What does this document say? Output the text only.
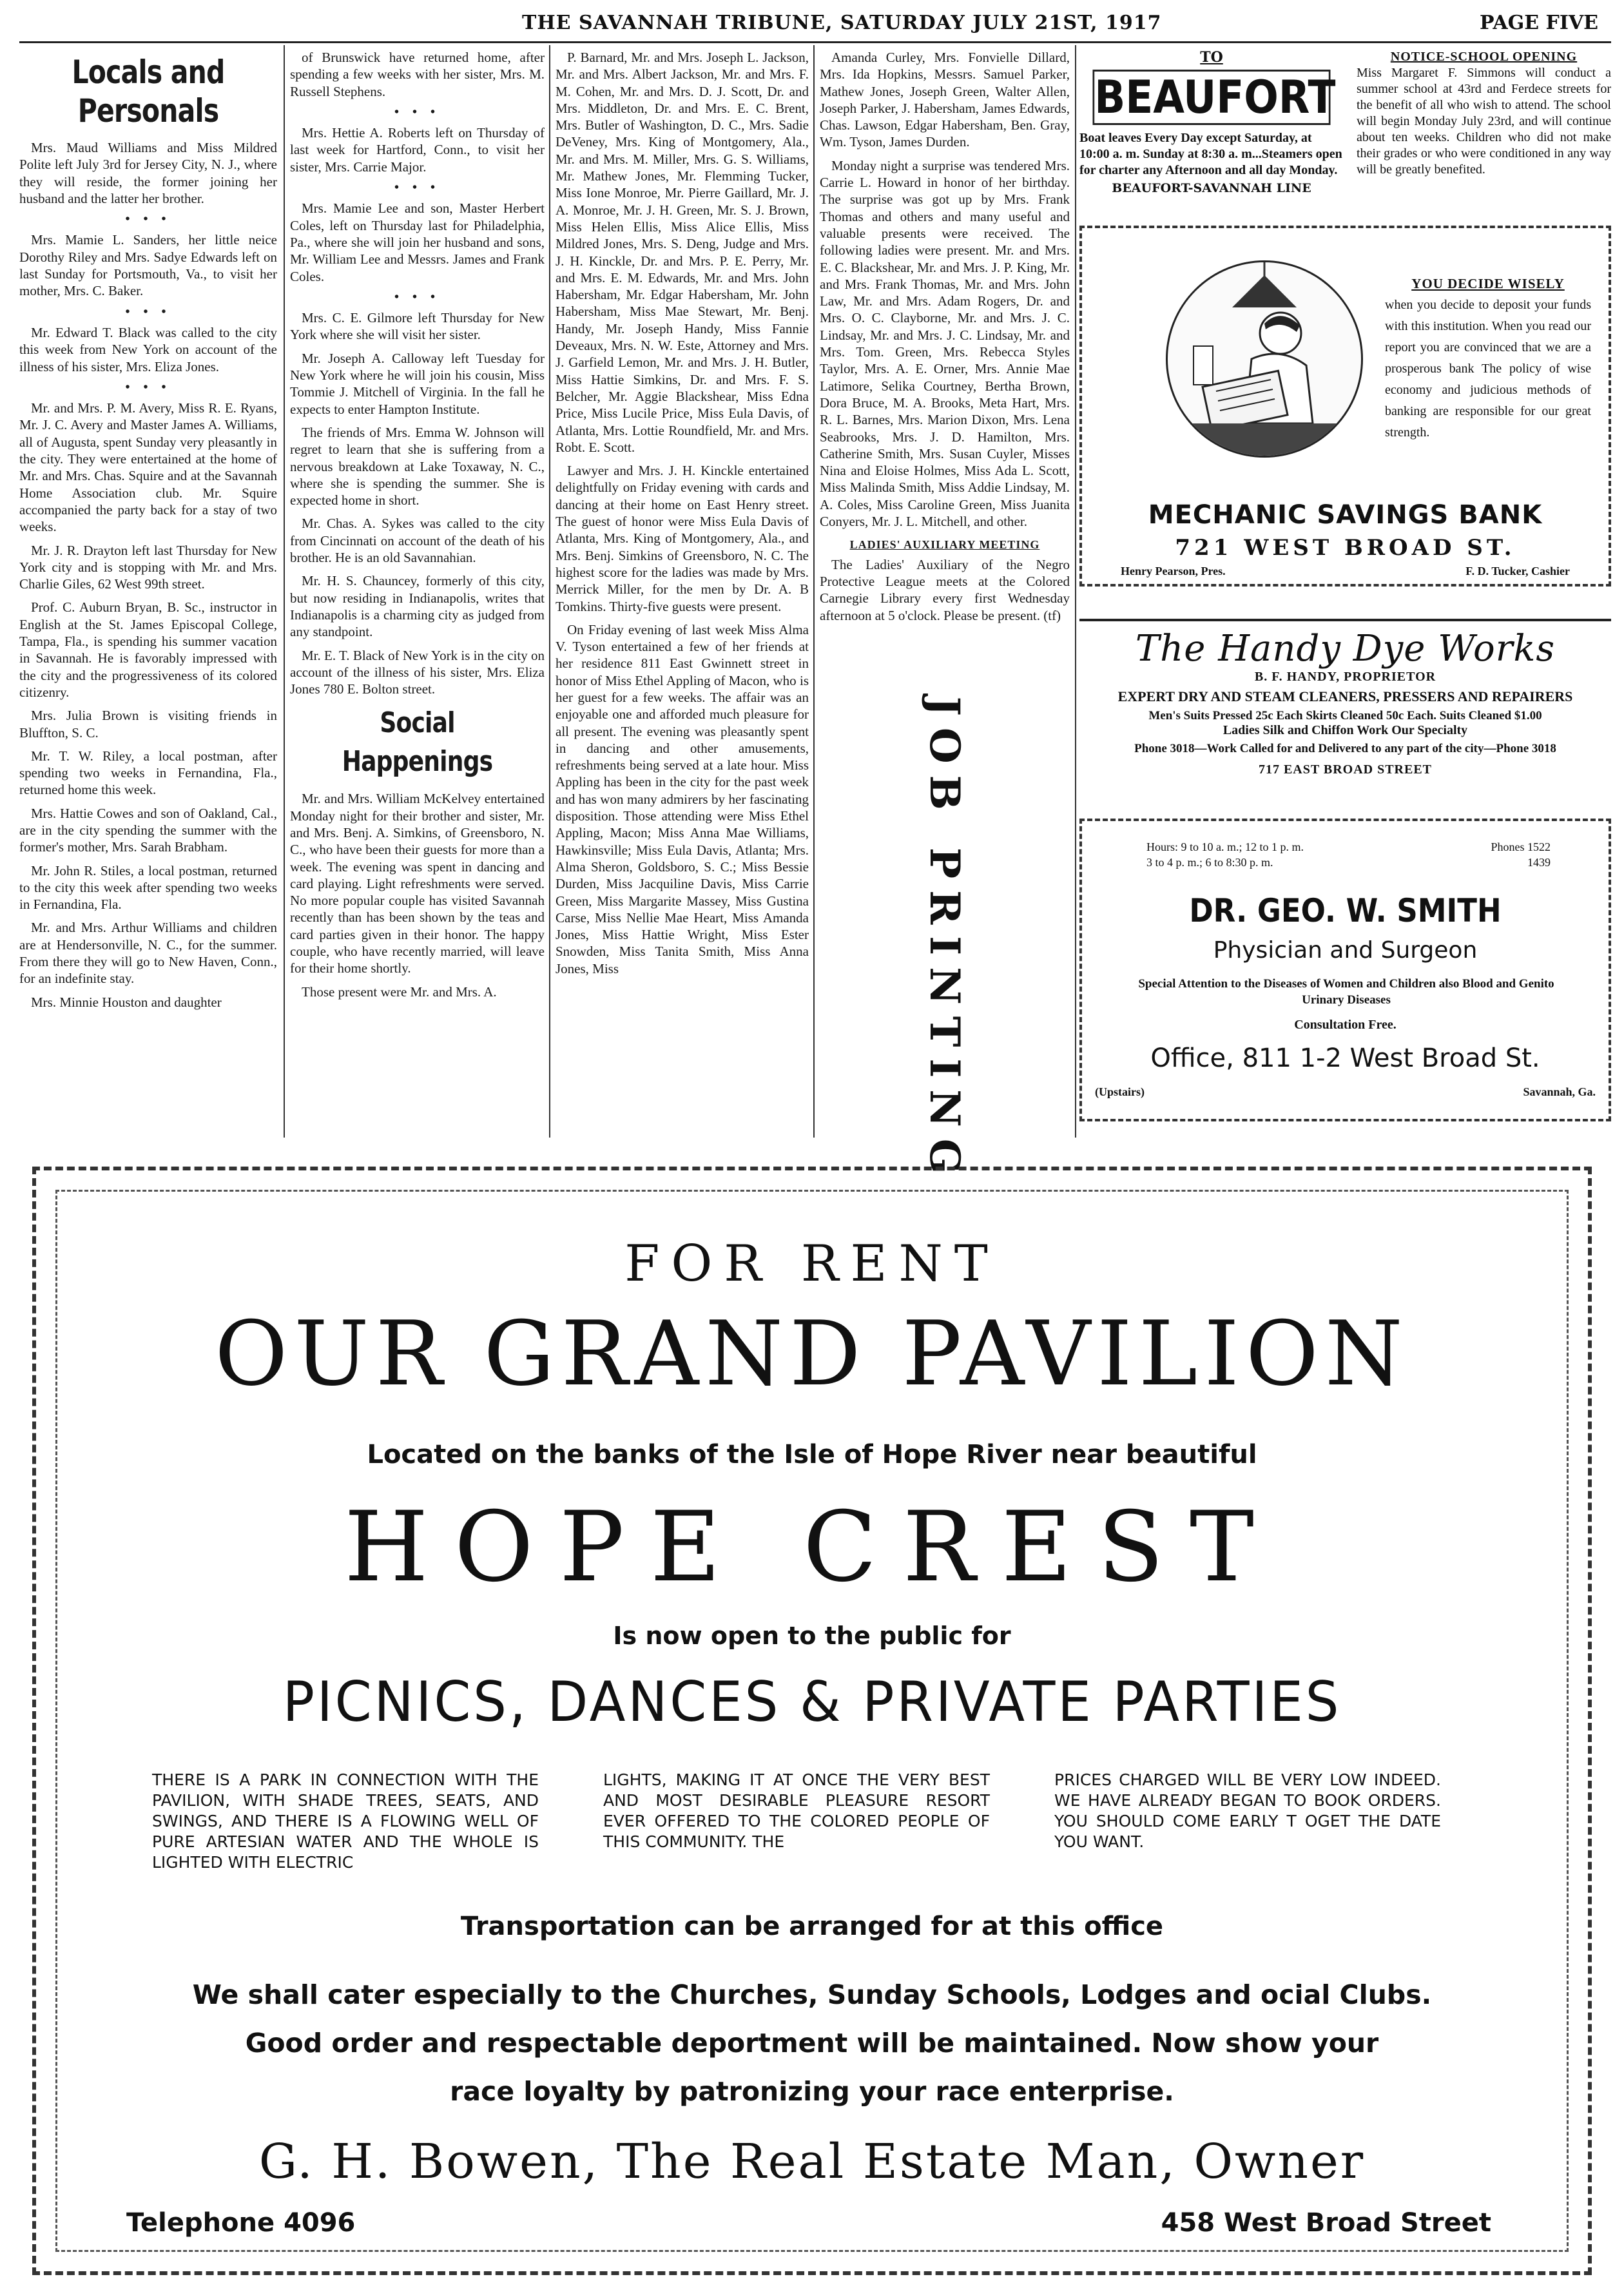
THE SAVANNAH TRIBUNE, SATURDAY JULY 21ST, 1917	PAGE FIVE
Locals and Personals

Mrs. Maud Williams and Miss Mildred Polite left July 3rd for Jersey City, N. J., where they will reside, the former joining her husband and the latter her brother.

• • •

Mrs. Mamie L. Sanders, her little neice Dorothy Riley and Mrs. Sadye Edwards left on last Sunday for Portsmouth, Va., to visit her mother, Mrs. C. Baker.

• • •

Mr. Edward T. Black was called to the city this week from New York on account of the illness of his sister, Mrs. Eliza Jones.

• • •

Mr. and Mrs. P. M. Avery, Miss R. E. Ryans, Mr. J. C. Avery and Master James A. Williams, all of Augusta, spent Sunday very pleasantly in the city. They were entertained at the home of Mr. and Mrs. Chas. Squire and at the Savannah Home Association club. Mr. Squire accompanied the party back for a stay of two weeks.

Mr. J. R. Drayton left last Thursday for New York city and is stopping with Mr. and Mrs. Charlie Giles, 62 West 99th street.

Prof. C. Auburn Bryan, B. Sc., instructor in English at the St. James Episcopal College, Tampa, Fla., is spending his summer vacation in Savannah. He is favorably impressed with the city and the progressiveness of its colored citizenry.

Mrs. Julia Brown is visiting friends in Bluffton, S. C.

Mr. T. W. Riley, a local postman, after spending two weeks in Fernandina, Fla., returned home this week.

Mrs. Hattie Cowes and son of Oakland, Cal., are in the city spending the summer with the former's mother, Mrs. Sarah Brabham.

Mr. John R. Stiles, a local postman, returned to the city this week after spending two weeks in Fernandina, Fla.

Mr. and Mrs. Arthur Williams and children are at Hendersonville, N. C., for the summer. From there they will go to New Haven, Conn., for an indefinite stay.

Mrs. Minnie Houston and daughter

of Brunswick have returned home, after spending a few weeks with her sister, Mrs. M. Russell Stephens.

• • •

Mrs. Hettie A. Roberts left on Thursday of last week for Hartford, Conn., to visit her sister, Mrs. Carrie Major.

• • •

Mrs. Mamie Lee and son, Master Herbert Coles, left on Thursday last for Philadelphia, Pa., where she will join her husband and sons, Mr. William Lee and Messrs. James and Frank Coles.

• • •

Mrs. C. E. Gilmore left Thursday for New York where she will visit her sister.

Mr. Joseph A. Calloway left Tuesday for New York where he will join his cousin, Miss Tommie J. Mitchell of Virginia. In the fall he expects to enter Hampton Institute.

The friends of Mrs. Emma W. Johnson will regret to learn that she is suffering from a nervous breakdown at Lake Toxaway, N. C., where she is spending the summer. She is expected home in short.

Mr. Chas. A. Sykes was called to the city from Cincinnati on account of the death of his brother. He is an old Savannahian.

Mr. H. S. Chauncey, formerly of this city, but now residing in Indianapolis, writes that Indianapolis is a charming city as judged from any standpoint.

Mr. E. T. Black of New York is in the city on account of the illness of his sister, Mrs. Eliza Jones 780 E. Bolton street.

Social Happenings

Mr. and Mrs. William McKelvey entertained Monday night for their brother and sister, Mr. and Mrs. Benj. A. Simkins, of Greensboro, N. C., who have been their guests for more than a week. The evening was spent in dancing and card playing. Light refreshments were served. No more popular couple has visited Savannah recently than has been shown by the teas and card parties given in their honor. The happy couple, who have recently married, will leave for their home shortly.

Those present were Mr. and Mrs. A.

P. Barnard, Mr. and Mrs. Joseph L. Jackson, Mr. and Mrs. Albert Jackson, Mr. and Mrs. F. M. Cohen, Mr. and Mrs. D. J. Scott, Dr. and Mrs. Middleton, Dr. and Mrs. E. C. Brent, Mrs. Butler of Washington, D. C., Mrs. Sadie DeVeney, Mrs. King of Montgomery, Ala., Mr. and Mrs. M. Miller, Mrs. G. S. Williams, Mr. Mathew Jones, Mr. Flemming Tucker, Miss Ione Monroe, Mr. Pierre Gaillard, Mr. J. A. Monroe, Mr. J. H. Green, Mr. S. J. Brown, Miss Helen Ellis, Miss Alice Ellis, Miss Mildred Jones, Mrs. S. Deng, Judge and Mrs. J. H. Kinckle, Dr. and Mrs. P. E. Perry, Mr. and Mrs. E. M. Edwards, Mr. and Mrs. John Habersham, Mr. Edgar Habersham, Mr. John Habersham, Miss Mae Stewart, Mr. Benj. Handy, Mr. Joseph Handy, Miss Fannie Deveaux, Mrs. N. W. Este, Attorney and Mrs. J. Garfield Lemon, Mr. and Mrs. J. H. Butler, Miss Hattie Simkins, Dr. and Mrs. F. S. Belcher, Mr. Aggie Blackshear, Miss Edna Price, Miss Lucile Price, Miss Eula Davis, of Atlanta, Mrs. Lottie Roundfield, Mr. and Mrs. Robt. E. Scott.

Lawyer and Mrs. J. H. Kinckle entertained delightfully on Friday evening with cards and dancing at their home on East Henry street. The guest of honor were Miss Eula Davis of Atlanta, Mrs. King of Montgomery, Ala., and Mrs. Benj. Simkins of Greensboro, N. C. The highest score for the ladies was made by Mrs. Merrick Miller, for the men by Dr. A. B Tomkins. Thirty-five guests were present.

On Friday evening of last week Miss Alma V. Tyson entertained a few of her friends at her residence 811 East Gwinnett street in honor of Miss Ethel Appling of Macon, who is her guest for a few weeks. The affair was an enjoyable one and afforded much pleasure for all present. The evening was pleasantly spent in dancing and other amusements, refreshments being served at a late hour. Miss Appling has been in the city for the past week and has won many admirers by her fascinating disposition. Those attending were Miss Ethel Appling, Macon; Miss Anna Mae Williams, Hawkinsville; Miss Eula Davis, Atlanta; Mrs. Alma Sheron, Goldsboro, S. C.; Miss Bessie Durden, Miss Jacquiline Davis, Miss Carrie Green, Miss Margarite Massey, Miss Gustina Carse, Miss Nellie Mae Heart, Miss Amanda Jones, Miss Hattie Wright, Miss Ester Snowden, Miss Tanita Smith, Miss Anna Jones, Miss

Amanda Curley, Mrs. Fonvielle Dillard, Mrs. Ida Hopkins, Messrs. Samuel Parker, Mathew Jones, Joseph Green, Walter Allen, Joseph Parker, J. Habersham, James Edwards, Chas. Lawson, Edgar Habersham, Ben. Gray, Wm. Tyson, James Durden.

Monday night a surprise was tendered Mrs. Carrie L. Howard in honor of her birthday. The surprise was got up by Mrs. Frank Thomas and others and many useful and valuable presents were received. The following ladies were present. Mr. and Mrs. E. C. Blackshear, Mr. and Mrs. J. P. King, Mr. and Mrs. Frank Thomas, Mr. and Mrs. John Law, Mr. and Mrs. Adam Rogers, Dr. and Mrs. O. C. Clayborne, Mr. and Mrs. J. C. Lindsay, Mr. and Mrs. J. C. Lindsay, Mr. and Mrs. Tom. Green, Mrs. Rebecca Styles Taylor, Mrs. A. E. Orner, Mrs. Annie Mae Latimore, Selika Courtney, Bertha Brown, Dora Bruce, M. A. Brooks, Meta Hart, Mrs. R. L. Barnes, Mrs. Marion Dixon, Mrs. Lena Seabrooks, Mrs. J. D. Hamilton, Mrs. Catherine Smith, Mrs. Susan Cuyler, Misses Nina and Eloise Holmes, Miss Ada L. Scott, Miss Malinda Smith, Miss Addie Lindsay, M. A. Coles, Miss Caroline Green, Miss Juanita Conyers, Mr. J. L. Mitchell, and other.

LADIES' AUXILIARY MEETING

The Ladies' Auxiliary of the Negro Protective League meets at the Colored Carnegie Library every first Wednesday afternoon at 5 o'clock. Please be present. (tf)

JOB PRINTING
TO
BEAUFORT
Boat leaves Every Day except Saturday, at 10:00 a. m. Sunday at 8:30 a. m...Steamers open for charter any Afternoon and all day Monday.
BEAUFORT-SAVANNAH LINE
NOTICE-SCHOOL OPENING
Miss Margaret F. Simmons will conduct a summer school at 43rd and Ferdece streets for the benefit of all who wish to attend. The school will begin Monday July 23rd, and will continue about ten weeks. Children who did not make their grades or who were conditioned in any way will be greatly benefited.
YOU DECIDE WISELY
when you decide to deposit your funds with this institution. When you read our report you are convinced that we are a prosperous bank The policy of wise economy and judicious methods of banking are responsible for our great strength.
MECHANIC SAVINGS BANK
721 WEST BROAD ST.
Henry Pearson, Pres.	F. D. Tucker, Cashier
The Handy Dye Works
B. F. HANDY, PROPRIETOR
EXPERT DRY AND STEAM CLEANERS, PRESSERS AND REPAIRERS
Men's Suits Pressed 25c Each Skirts Cleaned 50c Each. Suits Cleaned $1.00
Ladies Silk and Chiffon Work Our Specialty
Phone 3018—Work Called for and Delivered to any part of the city—Phone 3018
717 EAST BROAD STREET
Hours: 9 to 10 a. m.; 12 to 1 p. m.
3 to 4 p. m.; 6 to 8:30 p. m.
Phones 1522
1439
DR. GEO. W. SMITH
Physician and Surgeon
Special Attention to the Diseases of Women and Children also Blood and Genito Urinary Diseases
Consultation Free.
Office, 811 1-2 West Broad St.
(Upstairs)	Savannah, Ga.
FOR RENT
OUR GRAND PAVILION
Located on the banks of the Isle of Hope River near beautiful
HOPE CREST
Is now open to the public for
PICNICS, DANCES & PRIVATE PARTIES
THERE IS A PARK IN CONNECTION WITH THE PAVILION, WITH SHADE TREES, SEATS, AND SWINGS, AND THERE IS A FLOWING WELL OF PURE ARTESIAN WATER AND THE WHOLE IS LIGHTED WITH ELECTRIC
LIGHTS, MAKING IT AT ONCE THE VERY BEST AND MOST DESIRABLE PLEASURE RESORT EVER OFFERED TO THE COLORED PEOPLE OF THIS COMMUNITY. THE
PRICES CHARGED WILL BE VERY LOW INDEED. WE HAVE ALREADY BEGAN TO BOOK ORDERS. YOU SHOULD COME EARLY T OGET THE DATE YOU WANT.
Transportation can be arranged for at this office
We shall cater especially to the Churches, Sunday Schools, Lodges and ocial Clubs.
Good order and respectable deportment will be maintained. Now show your
race loyalty by patronizing your race enterprise.
G. H. Bowen, The Real Estate Man, Owner
Telephone 4096	458 West Broad Street
